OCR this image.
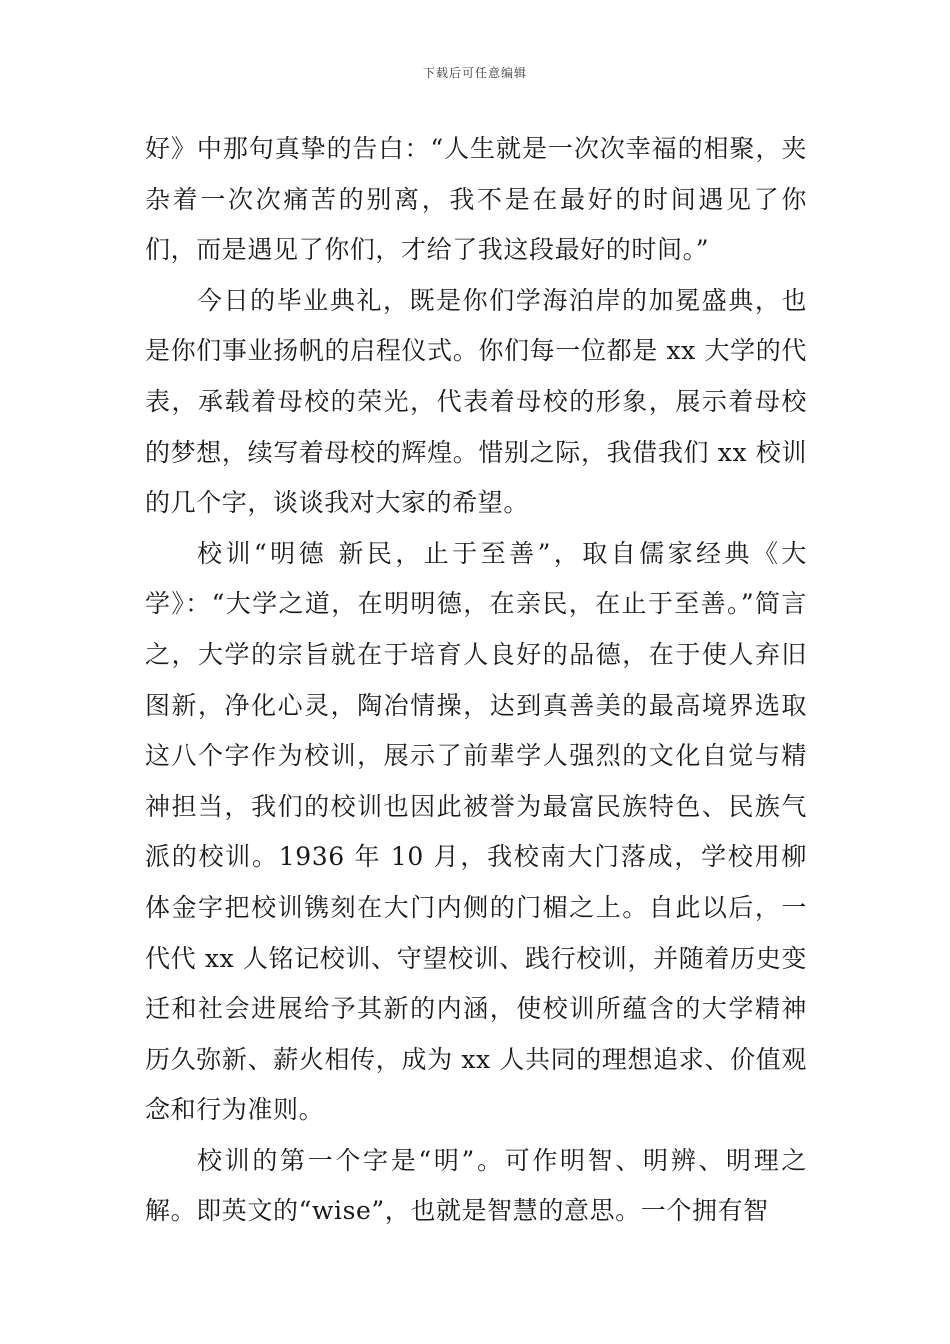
下载后可任意编辑

好》中那句真挚的告白：“人生就是一次次幸福的相聚，夹杂着一次次痛苦的别离，我不是在最好的时间遇见了你们，而是遇见了你们，才给了我这段最好的时间。”

今日的毕业典礼，既是你们学海泊岸的加冕盛典，也是你们事业扬帆的启程仪式。你们每一位都是 xx 大学的代表，承载着母校的荣光，代表着母校的形象，展示着母校的梦想，续写着母校的辉煌。惜别之际，我借我们 xx 校训的几个字，谈谈我对大家的希望。

校训“明德 新民，止于至善”，取自儒家经典《大学》：“大学之道，在明明德，在亲民，在止于至善。”简言之，大学的宗旨就在于培育人良好的品德，在于使人弃旧图新，净化心灵，陶冶情操，达到真善美的最高境界选取这八个字作为校训，展示了前辈学人强烈的文化自觉与精神担当，我们的校训也因此被誉为最富民族特色、民族气派的校训。1936 年 10 月，我校南大门落成，学校用柳体金字把校训镌刻在大门内侧的门楣之上。自此以后，一代代 xx 人铭记校训、守望校训、践行校训，并随着历史变迁和社会进展给予其新的内涵，使校训所蕴含的大学精神历久弥新、薪火相传，成为 xx 人共同的理想追求、价值观念和行为准则。

校训的第一个字是“明”。可作明智、明辨、明理之解。即英文的“wise”，也就是智慧的意思。一个拥有智
